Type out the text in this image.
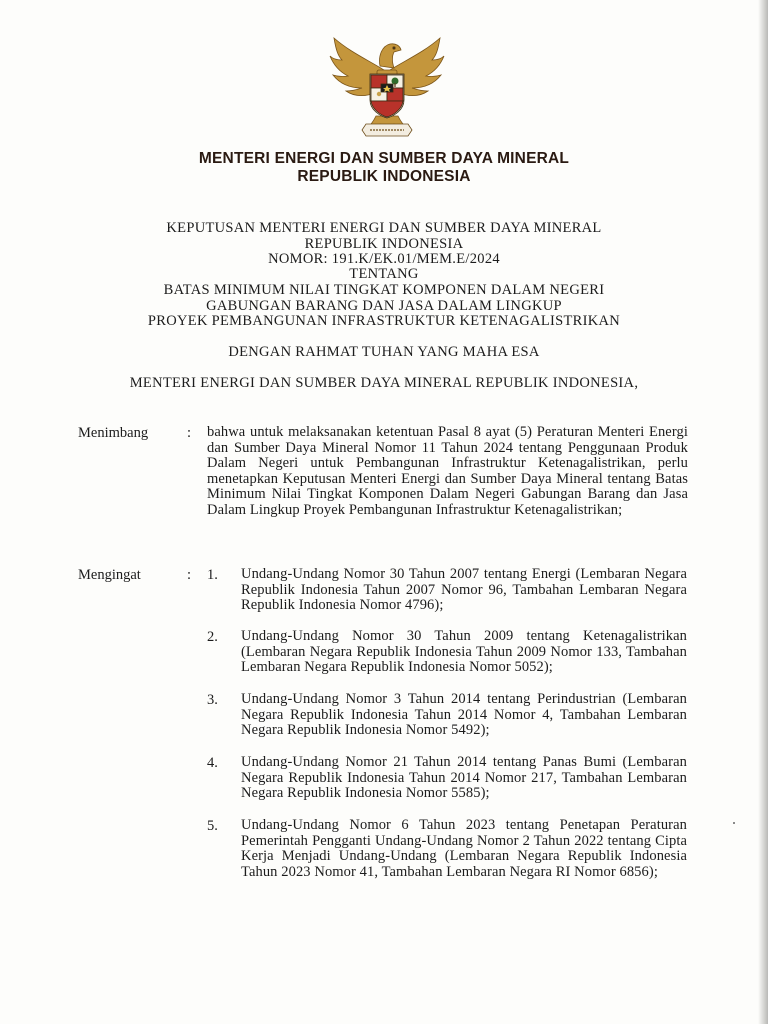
MENTERI ENERGI DAN SUMBER DAYA MINERAL
REPUBLIK INDONESIA
KEPUTUSAN MENTERI ENERGI DAN SUMBER DAYA MINERAL
REPUBLIK INDONESIA
NOMOR: 191.K/EK.01/MEM.E/2024
TENTANG
BATAS MINIMUM NILAI TINGKAT KOMPONEN DALAM NEGERI
GABUNGAN BARANG DAN JASA DALAM LINGKUP
PROYEK PEMBANGUNAN INFRASTRUKTUR KETENAGALISTRIKAN
DENGAN RAHMAT TUHAN YANG MAHA ESA
MENTERI ENERGI DAN SUMBER DAYA MINERAL REPUBLIK INDONESIA,
Menimbang	: bahwa untuk melaksanakan ketentuan Pasal 8 ayat (5) Peraturan Menteri Energi dan Sumber Daya Mineral Nomor 11 Tahun 2024 tentang Penggunaan Produk Dalam Negeri untuk Pembangunan Infrastruktur Ketenagalistrikan, perlu menetapkan Keputusan Menteri Energi dan Sumber Daya Mineral tentang Batas Minimum Nilai Tingkat Komponen Dalam Negeri Gabungan Barang dan Jasa Dalam Lingkup Proyek Pembangunan Infrastruktur Ketenagalistrikan;
Mengingat	: 1. Undang-Undang Nomor 30 Tahun 2007 tentang Energi (Lembaran Negara Republik Indonesia Tahun 2007 Nomor 96, Tambahan Lembaran Negara Republik Indonesia Nomor 4796);
2. Undang-Undang Nomor 30 Tahun 2009 tentang Ketenagalistrikan (Lembaran Negara Republik Indonesia Tahun 2009 Nomor 133, Tambahan Lembaran Negara Republik Indonesia Nomor 5052);
3. Undang-Undang Nomor 3 Tahun 2014 tentang Perindustrian (Lembaran Negara Republik Indonesia Tahun 2014 Nomor 4, Tambahan Lembaran Negara Republik Indonesia Nomor 5492);
4. Undang-Undang Nomor 21 Tahun 2014 tentang Panas Bumi (Lembaran Negara Republik Indonesia Tahun 2014 Nomor 217, Tambahan Lembaran Negara Republik Indonesia Nomor 5585);
5. Undang-Undang Nomor 6 Tahun 2023 tentang Penetapan Peraturan Pemerintah Pengganti Undang-Undang Nomor 2 Tahun 2022 tentang Cipta Kerja Menjadi Undang-Undang (Lembaran Negara Republik Indonesia Tahun 2023 Nomor 41, Tambahan Lembaran Negara RI Nomor 6856);
